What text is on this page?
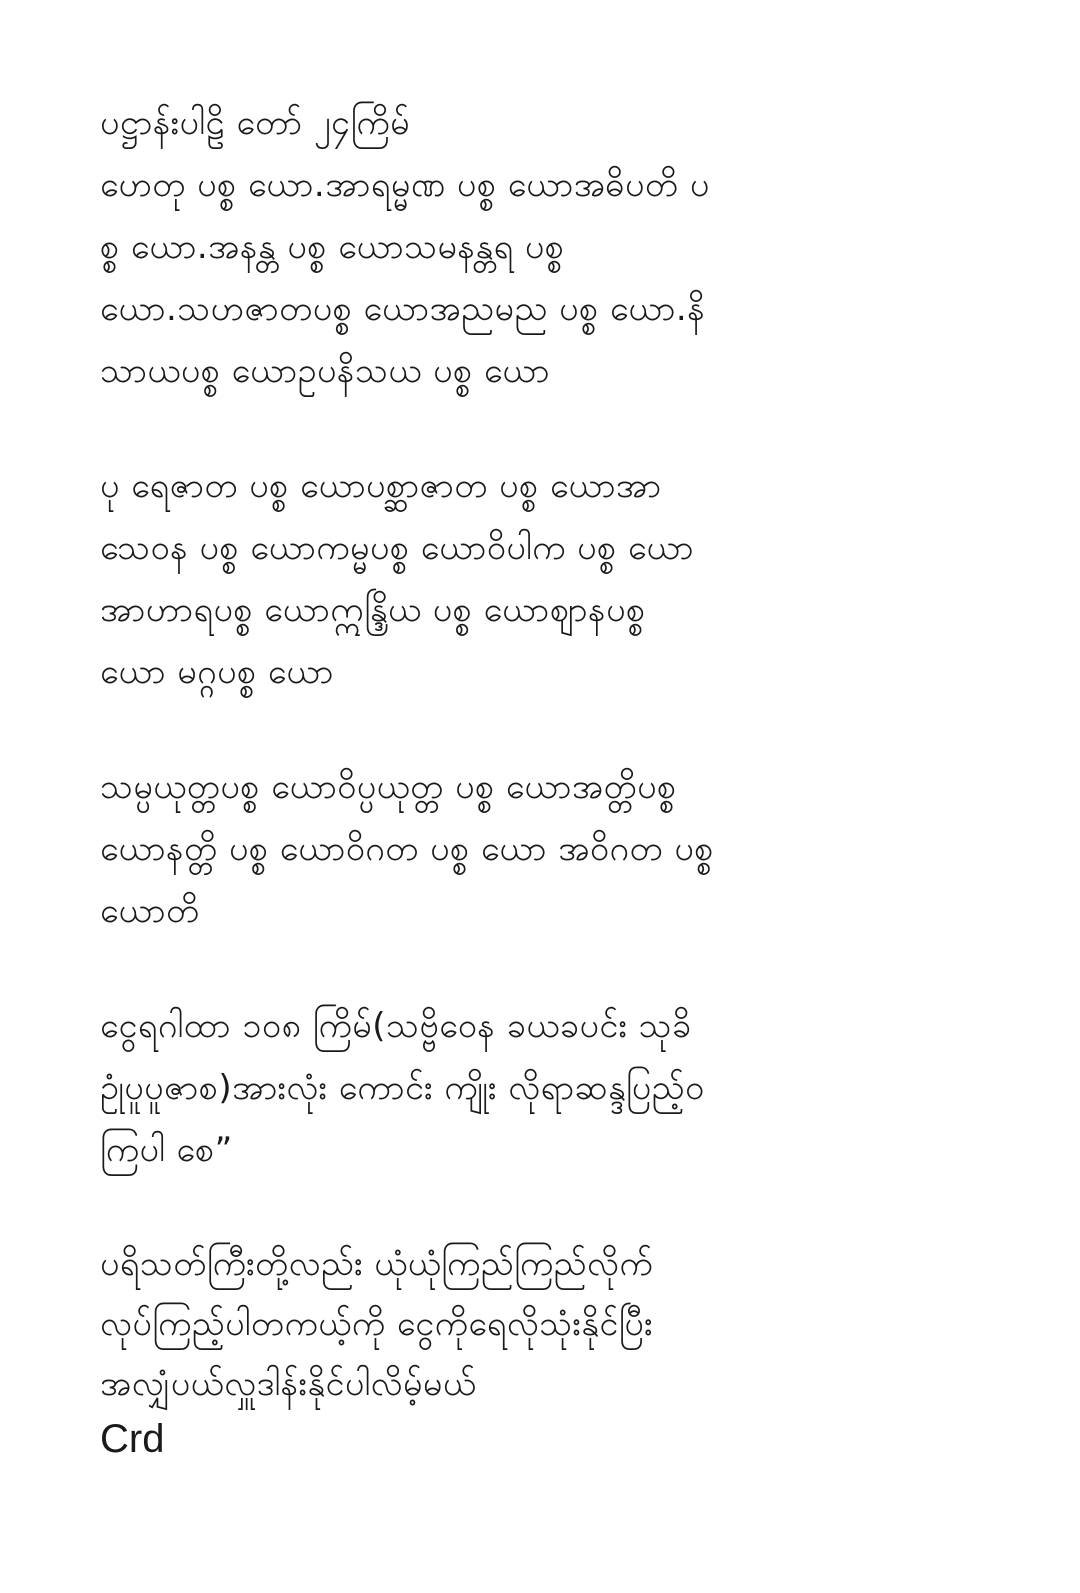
ပဋ္ဌာန်းပါဠိ တော် ၂၄ကြိမ်
ဟေတု ပစ္စ ယော.အာရမ္မဏ ပစ္စ ယောအဓိပတိ ပ
စ္စ ယော.အနန္တ ပစ္စ ယောသမနန္တရ ပစ္စ
ယော.သဟဇာတပစ္စ ယောအညမည ပစ္စ ယော.နိ
သာယပစ္စ ယောဥပနိသယ ပစ္စ ယော
ပု ရေဇာတ ပစ္စ ယောပစ္ဆာဇာတ ပစ္စ ယောအာ
သေဝန ပစ္စ ယောကမ္မပစ္စ ယောဝိပါက ပစ္စ ယော
အာဟာရပစ္စ ယောဣန္ဒြိယ ပစ္စ ယောဈာနပစ္စ
ယော မဂ္ဂပစ္စ ယော
သမ္ပယုတ္တပစ္စ ယောဝိပ္ပယုတ္တ ပစ္စ ယောအတ္တိပစ္စ
ယောနတ္တိ ပစ္စ ယောဝိဂတ ပစ္စ ယော အဝိဂတ ပစ္စ
ယောတိ
ငွေရဂါထာ ၁၀၈ ကြိမ်(သဗ္ဗိဝေန ခယခပင်း သုခိ
ဥုံပူပူဇာစ)အားလုံး ကောင်း ကျိုး လိုရာဆန္ဒပြည့်ဝ
ကြပါ စေ”
ပရိသတ်ကြီးတို့လည်း ယုံယုံကြည်ကြည်လိုက်
လုပ်ကြည့်ပါတကယ့်ကို ငွေကိုရေလိုသုံးနိုင်ပြီး
အလျှံပယ်လှူဒါန်းနိုင်ပါလိမ့်မယ်
Crd
